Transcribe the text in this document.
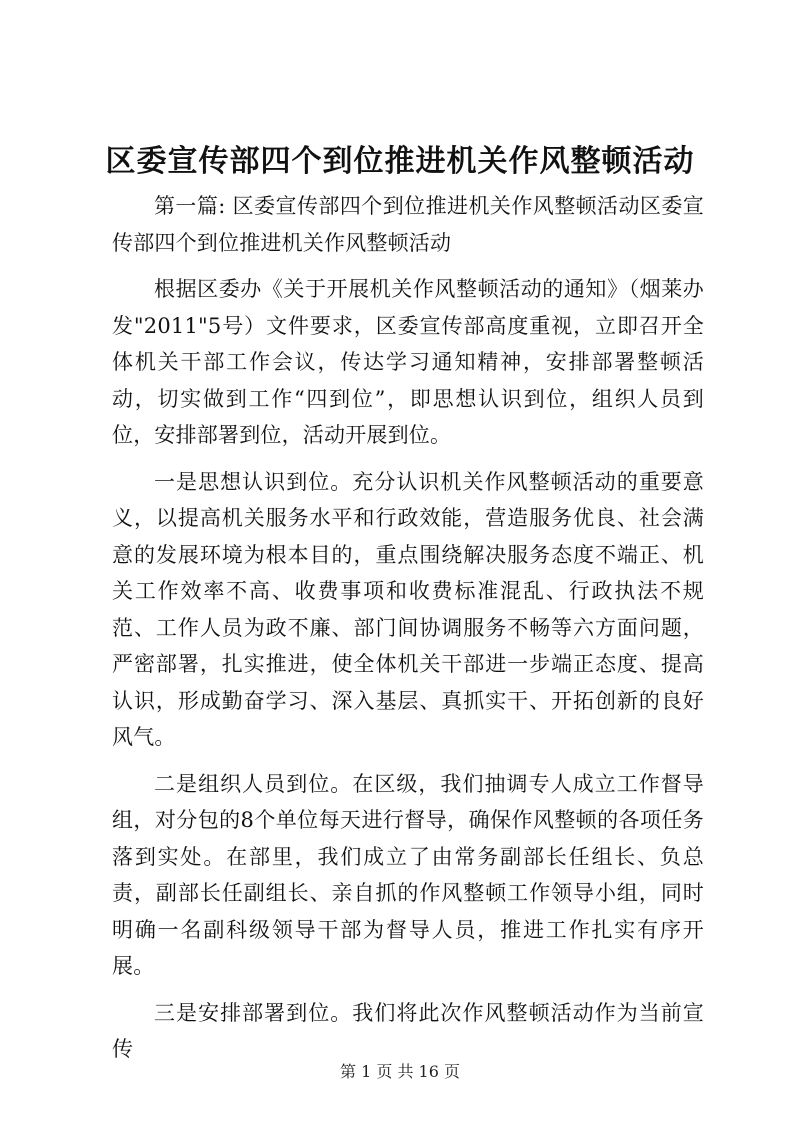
区委宣传部四个到位推进机关作风整顿活动

第一篇: 区委宣传部四个到位推进机关作风整顿活动区委宣传部四个到位推进机关作风整顿活动

根据区委办《关于开展机关作风整顿活动的通知》（烟莱办发"2011"5号）文件要求，区委宣传部高度重视，立即召开全体机关干部工作会议，传达学习通知精神，安排部署整顿活动，切实做到工作“四到位”，即思想认识到位，组织人员到位，安排部署到位，活动开展到位。

一是思想认识到位。充分认识机关作风整顿活动的重要意义，以提高机关服务水平和行政效能，营造服务优良、社会满意的发展环境为根本目的，重点围绕解决服务态度不端正、机关工作效率不高、收费事项和收费标准混乱、行政执法不规范、工作人员为政不廉、部门间协调服务不畅等六方面问题，严密部署，扎实推进，使全体机关干部进一步端正态度、提高认识，形成勤奋学习、深入基层、真抓实干、开拓创新的良好风气。

二是组织人员到位。在区级，我们抽调专人成立工作督导组，对分包的8个单位每天进行督导，确保作风整顿的各项任务落到实处。在部里，我们成立了由常务副部长任组长、负总责，副部长任副组长、亲自抓的作风整顿工作领导小组，同时明确一名副科级领导干部为督导人员，推进工作扎实有序开展。

三是安排部署到位。我们将此次作风整顿活动作为当前宣传

第 1 页 共 16 页
